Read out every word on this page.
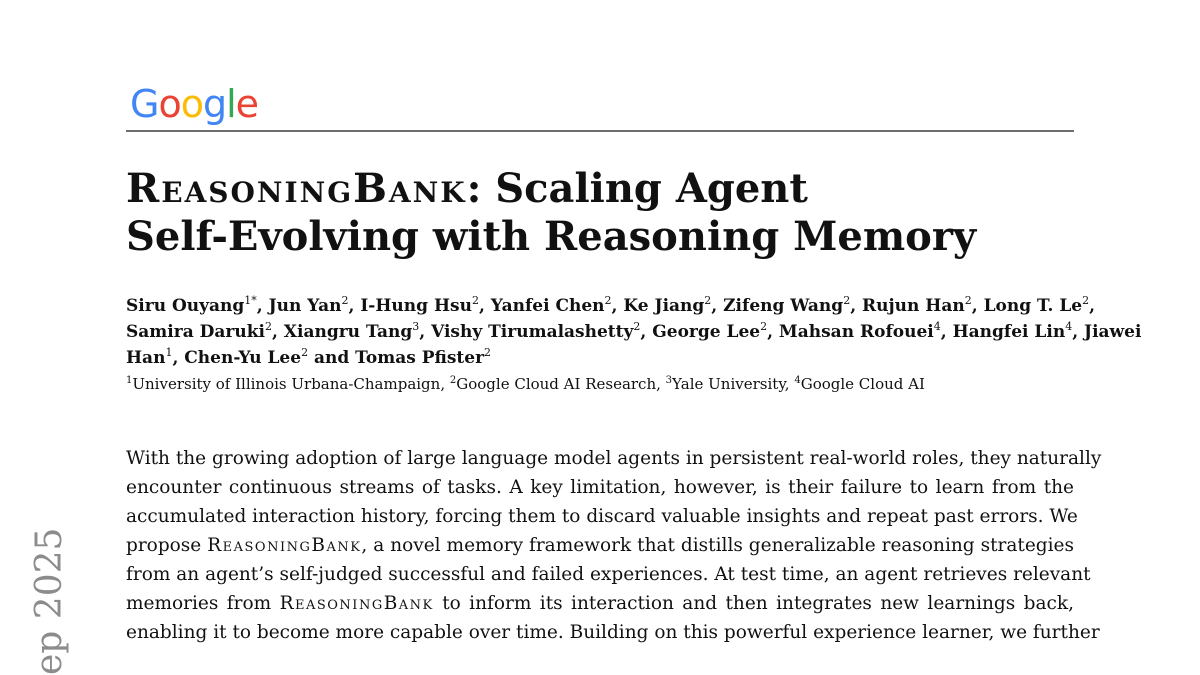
Google
ReasoningBank: Scaling Agent
Self-Evolving with Reasoning Memory
Siru Ouyang$^{1*}$, Jun Yan$^2$, I-Hung Hsu$^2$, Yanfei Chen$^2$, Ke Jiang$^2$, Zifeng Wang$^2$, Rujun Han$^2$, Long T. Le$^2$,
Samira Daruki$^2$, Xiangru Tang$^3$, Vishy Tirumalashetty$^2$, George Lee$^2$, Mahsan Rofouei$^4$, Hangfei Lin$^4$, Jiawei
Han$^1$, Chen-Yu Lee$^2$ and Tomas Pfister$^2$
$^1$University of Illinois Urbana-Champaign, $^2$Google Cloud AI Research, $^3$Yale University, $^4$Google Cloud AI
With the growing adoption of large language model agents in persistent real-world roles, they naturally
encounter continuous streams of tasks. A key limitation, however, is their failure to learn from the
accumulated interaction history, forcing them to discard valuable insights and repeat past errors. We
propose ReasoningBank, a novel memory framework that distills generalizable reasoning strategies
from an agent’s self-judged successful and failed experiences. At test time, an agent retrieves relevant
memories from ReasoningBank to inform its interaction and then integrates new learnings back,
enabling it to become more capable over time. Building on this powerful experience learner, we further
ep 2025
